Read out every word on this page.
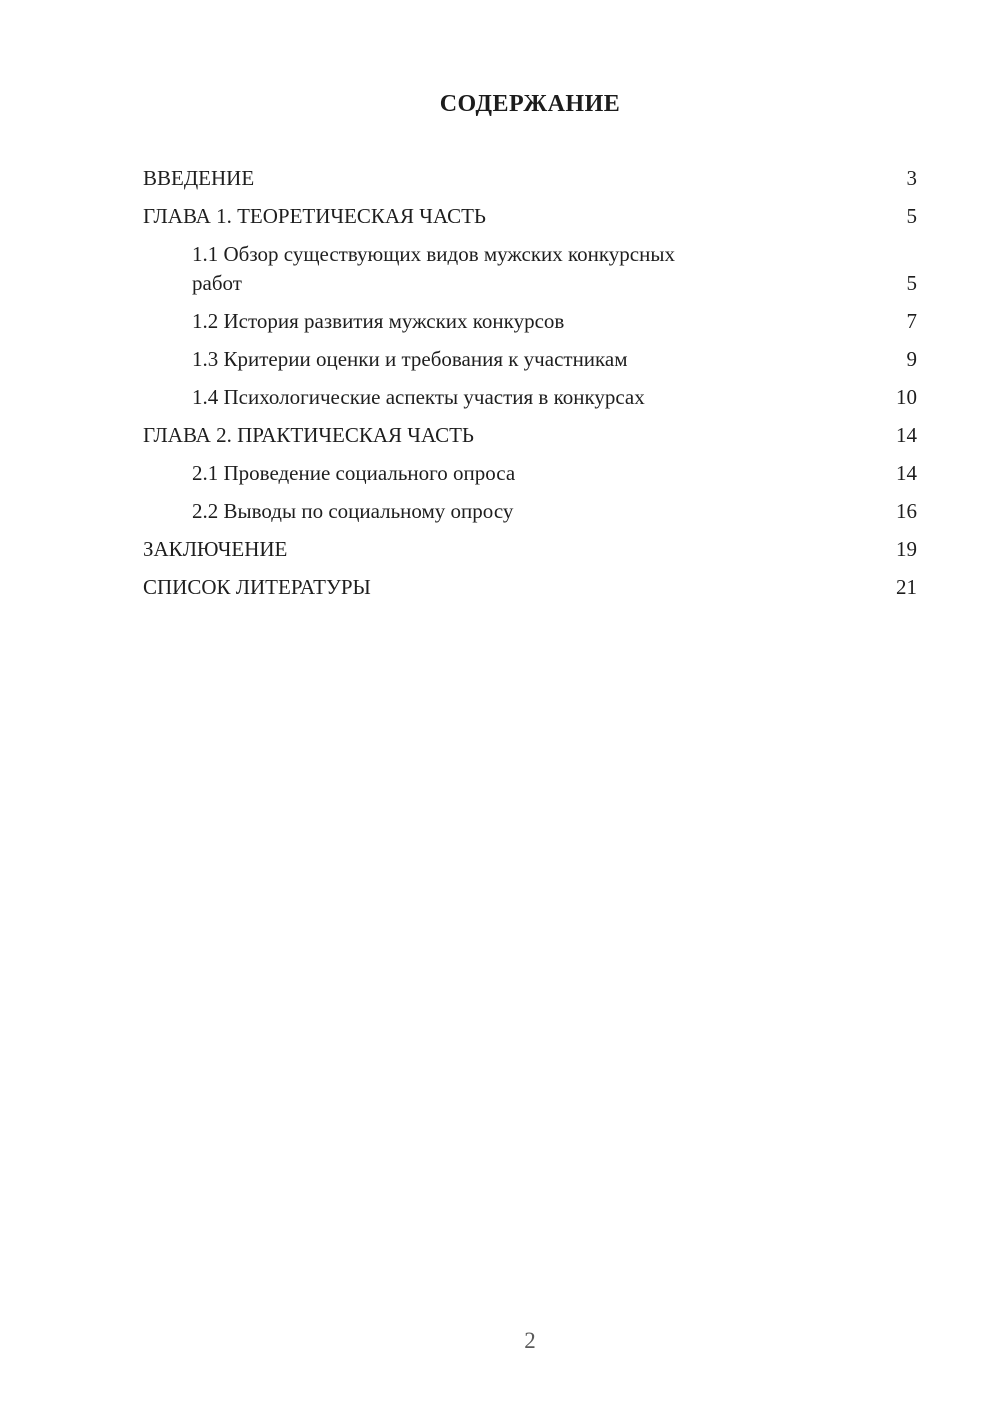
СОДЕРЖАНИЕ
ВВЕДЕНИЕ	3
ГЛАВА 1. ТЕОРЕТИЧЕСКАЯ ЧАСТЬ	5
1.1 Обзор существующих видов мужских конкурсных
работ	5
1.2 История развития мужских конкурсов	7
1.3 Критерии оценки и требования к участникам	9
1.4 Психологические аспекты участия в конкурсах	10
ГЛАВА 2. ПРАКТИЧЕСКАЯ ЧАСТЬ	14
2.1 Проведение социального опроса	14
2.2 Выводы по социальному опросу	16
ЗАКЛЮЧЕНИЕ	19
СПИСОК ЛИТЕРАТУРЫ	21
2
